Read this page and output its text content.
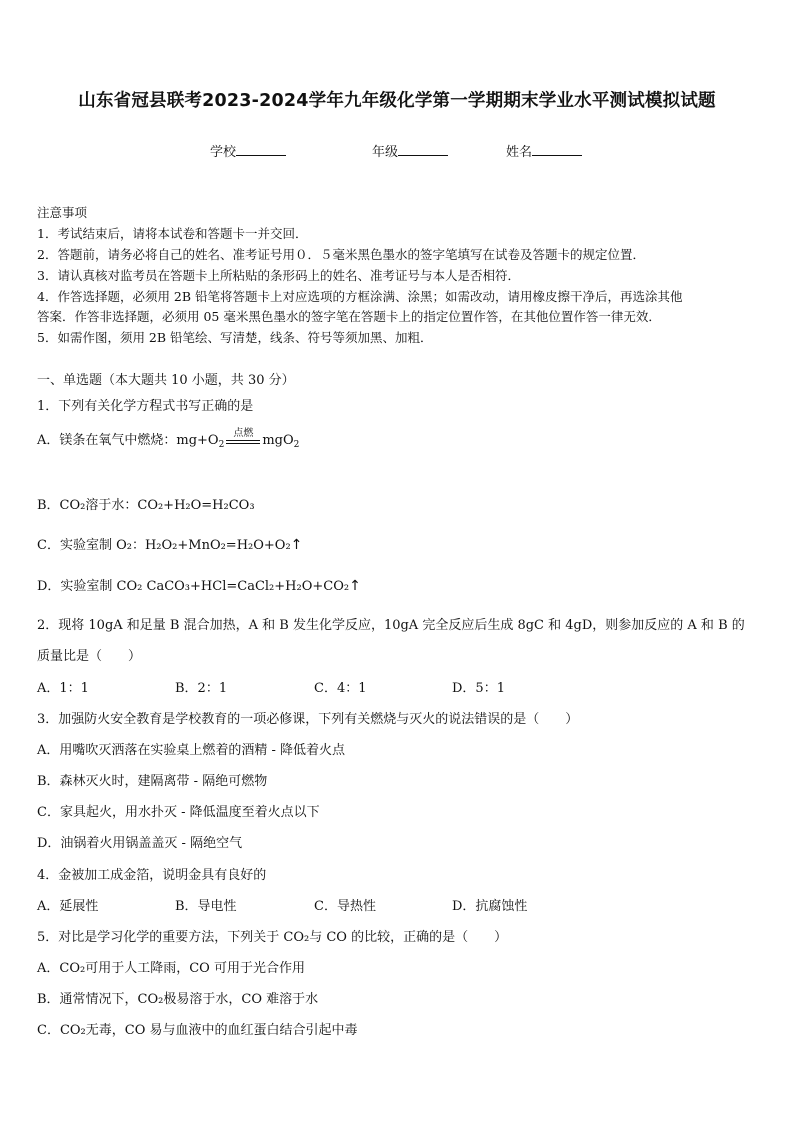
山东省冠县联考2023-2024学年九年级化学第一学期期末学业水平测试模拟试题
学校	年级	姓名
注意事项
1．考试结束后，请将本试卷和答题卡一并交回．
2．答题前，请务必将自己的姓名、准考证号用０．５毫米黑色墨水的签字笔填写在试卷及答题卡的规定位置．
3．请认真核对监考员在答题卡上所粘贴的条形码上的姓名、准考证号与本人是否相符．
4．作答选择题，必须用 2B 铅笔将答题卡上对应选项的方框涂满、涂黑；如需改动，请用橡皮擦干净后，再选涂其他
答案．作答非选择题，必须用 05 毫米黑色墨水的签字笔在答题卡上的指定位置作答，在其他位置作答一律无效．
5．如需作图，须用 2B 铅笔绘、写清楚，线条、符号等须加黑、加粗．
一、单选题（本大题共 10 小题，共 30 分）
1．下列有关化学方程式书写正确的是
A．镁条在氧气中燃烧：$mg+O_2$
点燃 mgO$_2$
B．CO₂溶于水：CO₂+H₂O=H₂CO₃
C．实验室制 O₂：H₂O₂+MnO₂=H₂O+O₂↑
D．实验室制 CO₂ CaCO₃+HCl=CaCl₂+H₂O+CO₂↑
2．现将 10gA 和足量 B 混合加热，A 和 B 发生化学反应，10gA 完全反应后生成 8gC 和 4gD，则参加反应的 A 和 B 的
质量比是（　　）
A．1：1	B．2：1	C．4：1	D．5：1
3．加强防火安全教育是学校教育的一项必修课，下列有关燃烧与灭火的说法错误的是（　　）
A．用嘴吹灭洒落在实验桌上燃着的酒精 - 降低着火点
B．森林灭火时，建隔离带 - 隔绝可燃物
C．家具起火，用水扑灭 - 降低温度至着火点以下
D．油锅着火用锅盖盖灭 - 隔绝空气
4．金被加工成金箔，说明金具有良好的
A．延展性	B．导电性	C．导热性	D．抗腐蚀性
5．对比是学习化学的重要方法，下列关于 CO₂与 CO 的比较，正确的是（　　）
A．CO₂可用于人工降雨，CO 可用于光合作用
B．通常情况下，CO₂极易溶于水，CO 难溶于水
C．CO₂无毒，CO 易与血液中的血红蛋白结合引起中毒
